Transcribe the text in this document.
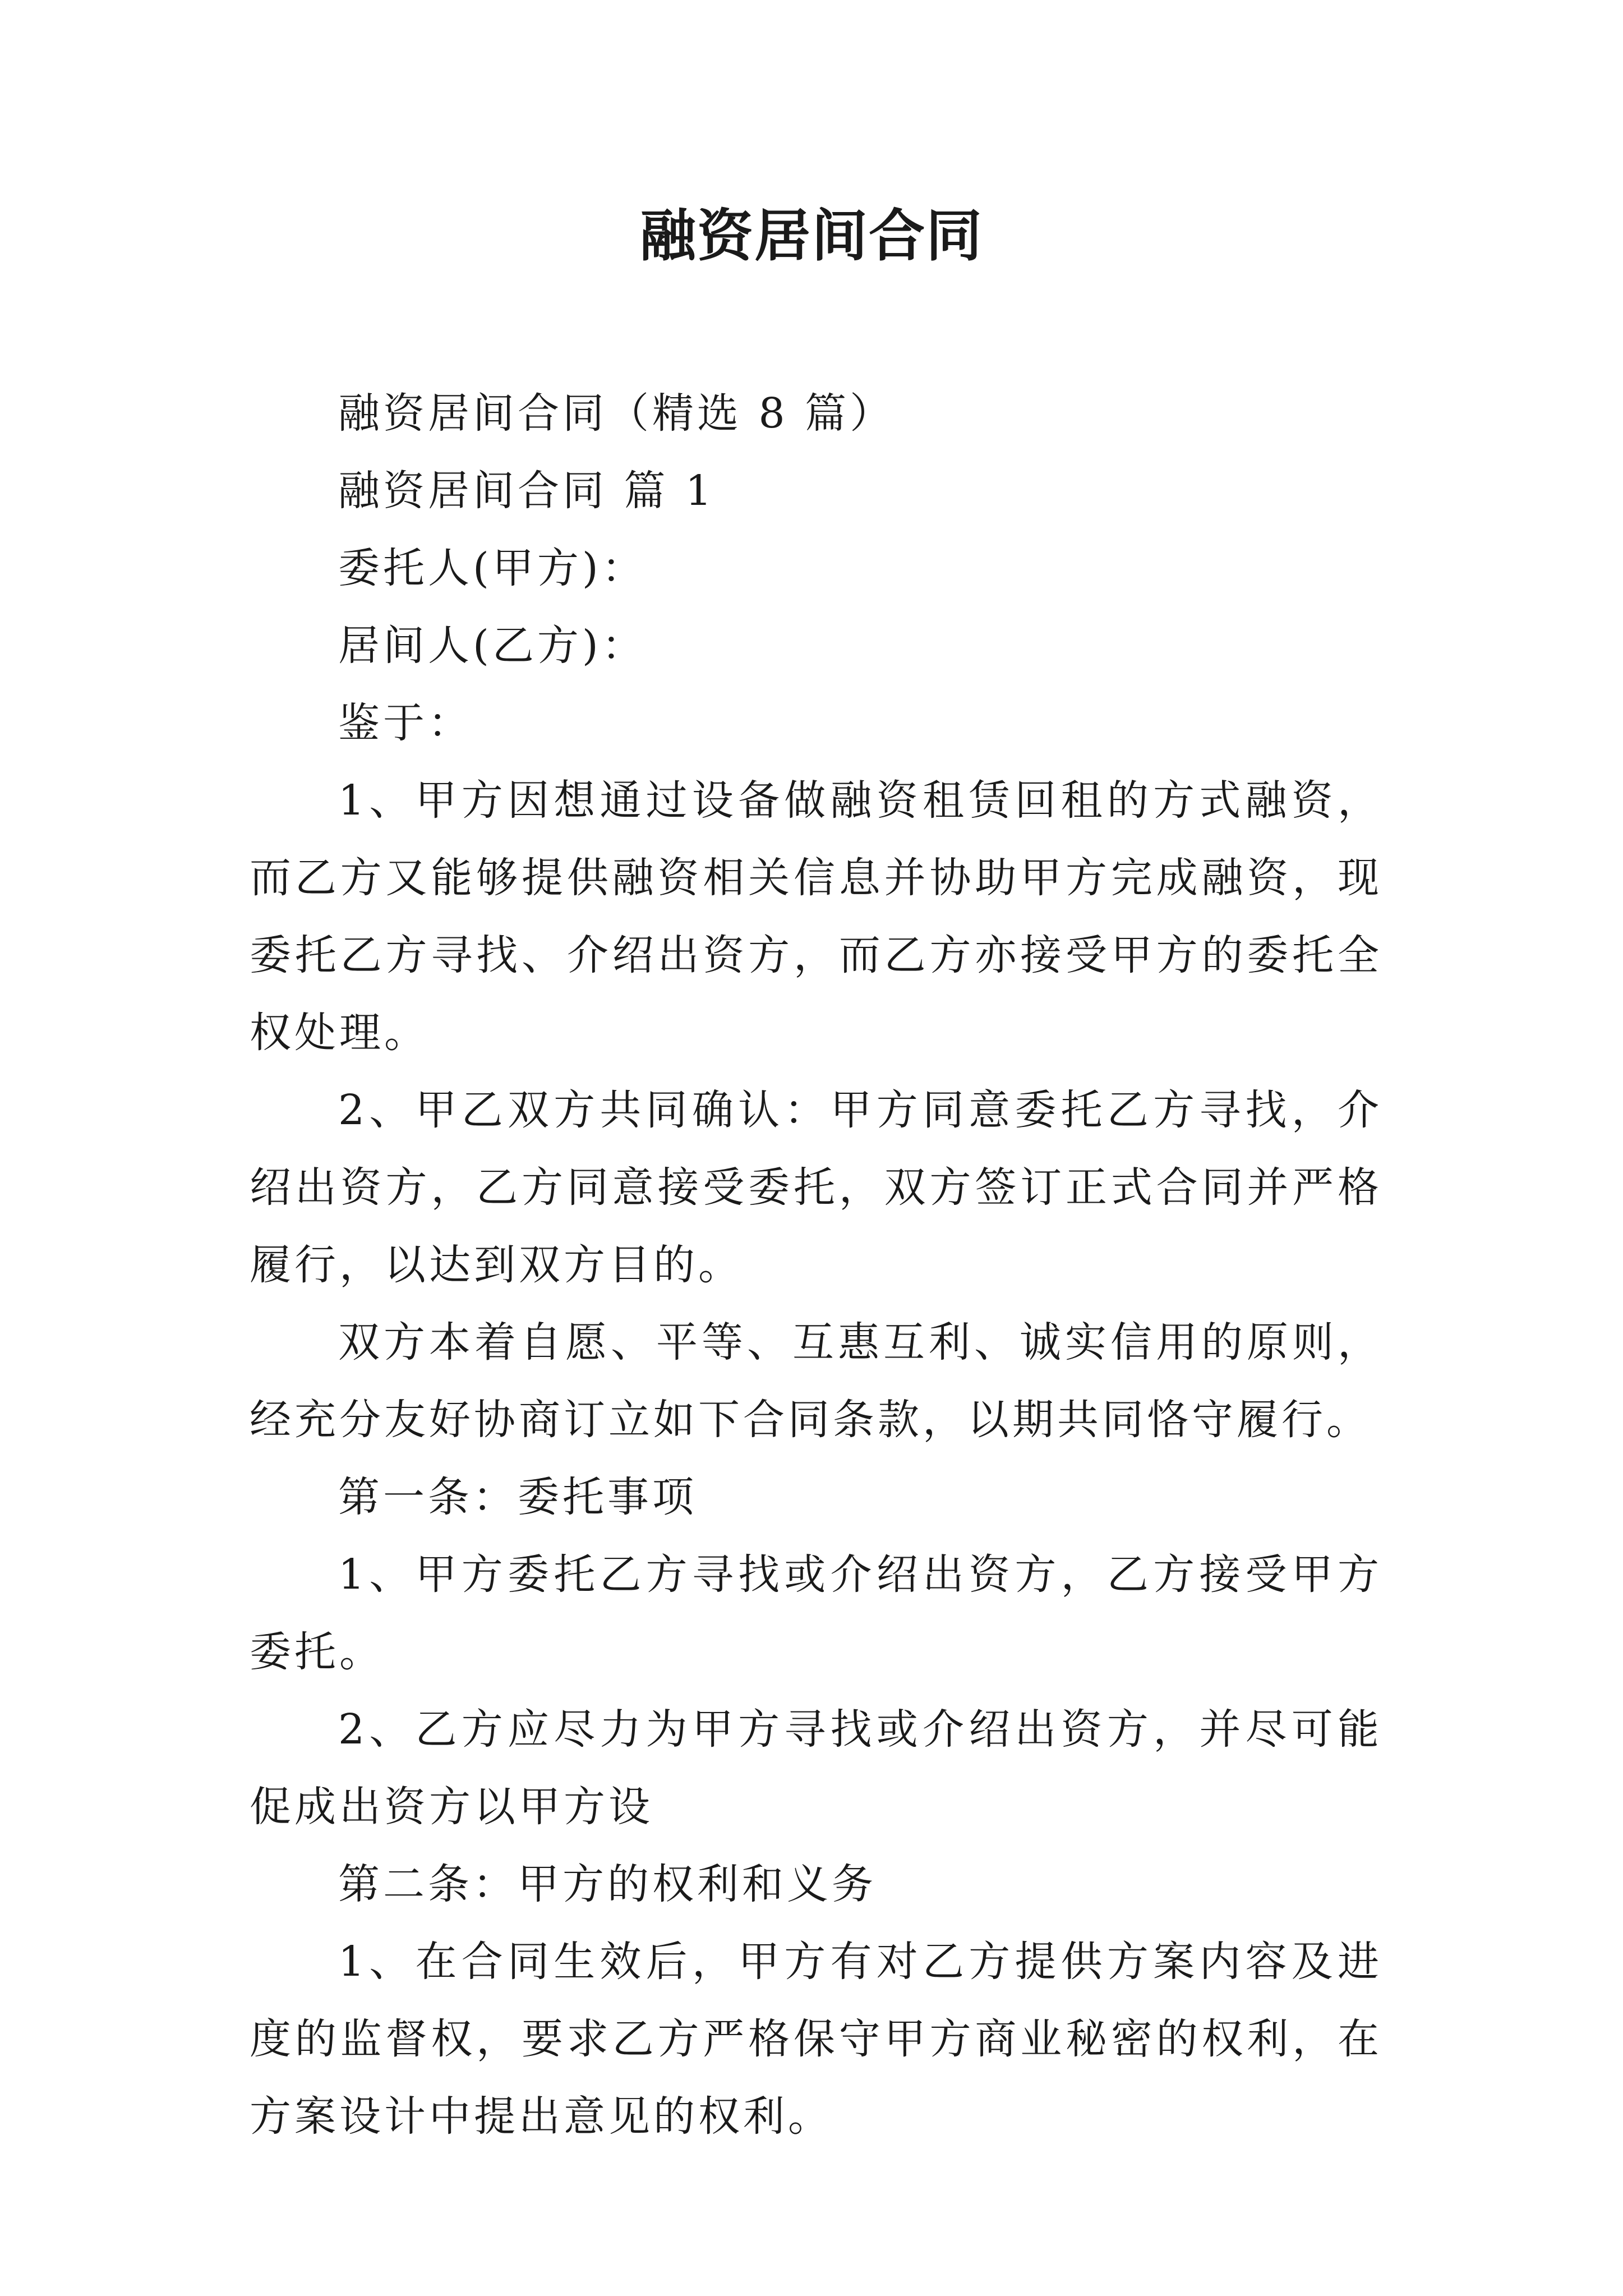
融资居间合同

融资居间合同（精选 8 篇）

融资居间合同 篇 1

委托人(甲方)：

居间人(乙方)：

鉴于：

1、甲方因想通过设备做融资租赁回租的方式融资，而乙方又能够提供融资相关信息并协助甲方完成融资，现委托乙方寻找、介绍出资方，而乙方亦接受甲方的委托全权处理。

2、甲乙双方共同确认：甲方同意委托乙方寻找，介绍出资方，乙方同意接受委托，双方签订正式合同并严格履行，以达到双方目的。

双方本着自愿、平等、互惠互利、诚实信用的原则，经充分友好协商订立如下合同条款，以期共同恪守履行。

第一条：委托事项

1、甲方委托乙方寻找或介绍出资方，乙方接受甲方委托。

2、乙方应尽力为甲方寻找或介绍出资方，并尽可能促成出资方以甲方设

第二条：甲方的权利和义务

1、在合同生效后，甲方有对乙方提供方案内容及进度的监督权，要求乙方严格保守甲方商业秘密的权利，在方案设计中提出意见的权利。
